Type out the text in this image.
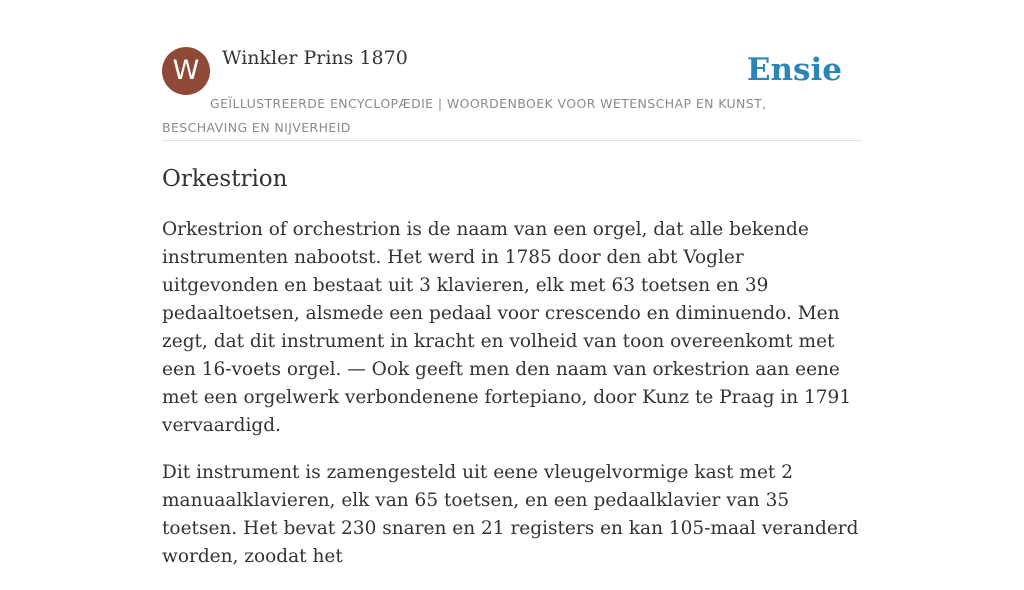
W	Winkler Prins 1870	Ensie
GEÏLLUSTREERDE ENCYCLOPÆDIE | WOORDENBOEK VOOR WETENSCHAP EN KUNST, BESCHAVING EN NIJVERHEID
Orkestrion

Orkestrion of orchestrion is de naam van een orgel, dat alle bekende instrumenten nabootst. Het werd in 1785 door den abt Vogler uitgevonden en bestaat uit 3 klavieren, elk met 63 toetsen en 39 pedaaltoetsen, alsmede een pedaal voor crescendo en diminuendo. Men zegt, dat dit instrument in kracht en volheid van toon overeenkomt met een 16-voets orgel. — Ook geeft men den naam van orkestrion aan eene met een orgelwerk verbondenene fortepiano, door Kunz te Praag in 1791 vervaardigd.

Dit instrument is zamengesteld uit eene vleugelvormige kast met 2 manuaalklavieren, elk van 65 toetsen, en een pedaalklavier van 35 toetsen. Het bevat 230 snaren en 21 registers en kan 105-maal veranderd worden, zoodat het
